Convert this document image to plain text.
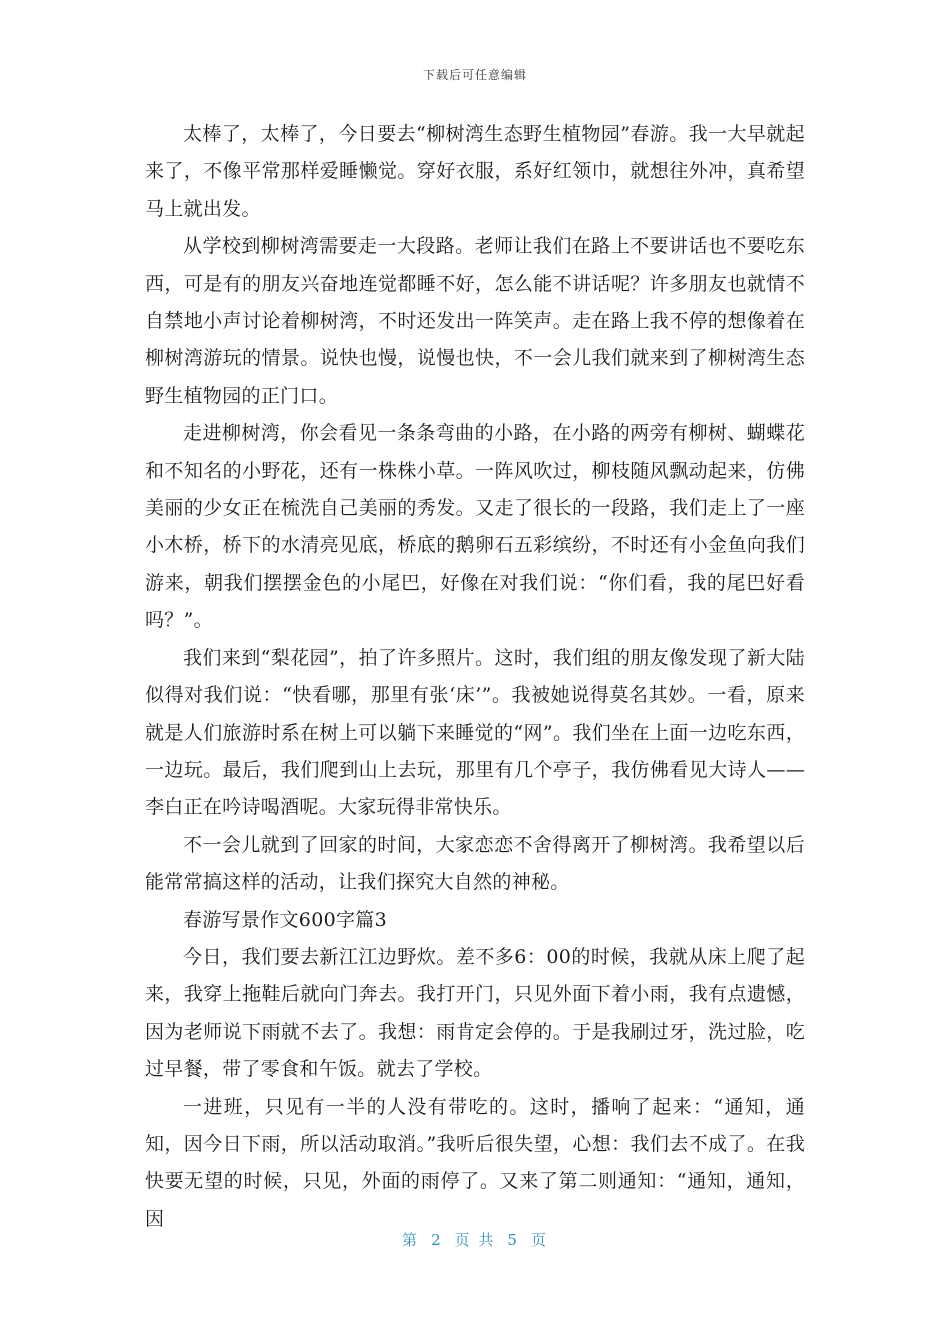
下载后可任意编辑

太棒了，太棒了，今日要去“柳树湾生态野生植物园”春游。我一大早就起来了，不像平常那样爱睡懒觉。穿好衣服，系好红领巾，就想往外冲，真希望马上就出发。

从学校到柳树湾需要走一大段路。老师让我们在路上不要讲话也不要吃东西，可是有的朋友兴奋地连觉都睡不好，怎么能不讲话呢？许多朋友也就情不自禁地小声讨论着柳树湾，不时还发出一阵笑声。走在路上我不停的想像着在柳树湾游玩的情景。说快也慢，说慢也快，不一会儿我们就来到了柳树湾生态野生植物园的正门口。

走进柳树湾，你会看见一条条弯曲的小路，在小路的两旁有柳树、蝴蝶花和不知名的小野花，还有一株株小草。一阵风吹过，柳枝随风飘动起来，仿佛美丽的少女正在梳洗自己美丽的秀发。又走了很长的一段路，我们走上了一座小木桥，桥下的水清亮见底，桥底的鹅卵石五彩缤纷，不时还有小金鱼向我们游来，朝我们摆摆金色的小尾巴，好像在对我们说：“你们看，我的尾巴好看吗？”。

我们来到“梨花园”，拍了许多照片。这时，我们组的朋友像发现了新大陆似得对我们说：“快看哪，那里有张‘床’”。我被她说得莫名其妙。一看，原来就是人们旅游时系在树上可以躺下来睡觉的“网”。我们坐在上面一边吃东西，一边玩。最后，我们爬到山上去玩，那里有几个亭子，我仿佛看见大诗人——李白正在吟诗喝酒呢。大家玩得非常快乐。

不一会儿就到了回家的时间，大家恋恋不舍得离开了柳树湾。我希望以后能常常搞这样的活动，让我们探究大自然的神秘。

春游写景作文600字篇3

今日，我们要去新江江边野炊。差不多6：00的时候，我就从床上爬了起来，我穿上拖鞋后就向门奔去。我打开门，只见外面下着小雨，我有点遗憾，因为老师说下雨就不去了。我想：雨肯定会停的。于是我刷过牙，洗过脸，吃过早餐，带了零食和午饭。就去了学校。

一进班，只见有一半的人没有带吃的。这时，播响了起来：“通知，通知，因今日下雨，所以活动取消。”我听后很失望，心想：我们去不成了。在我快要无望的时候，只见，外面的雨停了。又来了第二则通知：“通知，通知，因

第 2 页 共 5 页
